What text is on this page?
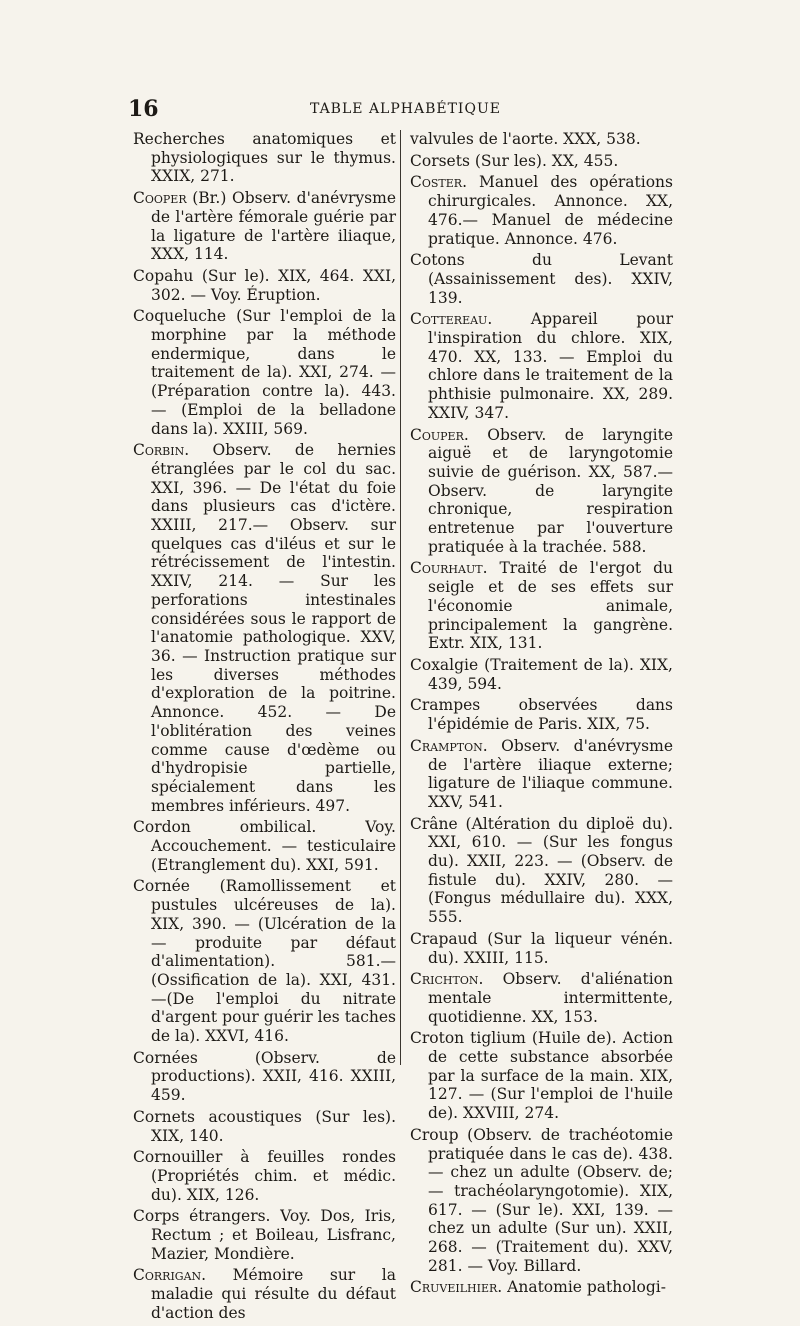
16	TABLE ALPHABÉTIQUE

Recherches anatomiques et physiologiques sur le thymus. XXIX, 271.

Cooper (Br.) Observ. d'anévrysme de l'artère fémorale guérie par la ligature de l'artère iliaque, XXX, 114.

Copahu (Sur le). XIX, 464. XXI, 302. — Voy. Éruption.

Coqueluche (Sur l'emploi de la morphine par la méthode endermique, dans le traitement de la). XXI, 274. — (Préparation contre la). 443. — (Emploi de la belladone dans la). XXIII, 569.

Corbin. Observ. de hernies étranglées par le col du sac. XXI, 396. — De l'état du foie dans plusieurs cas d'ictère. XXIII, 217.— Observ. sur quelques cas d'iléus et sur le rétrécissement de l'intestin. XXIV, 214. — Sur les perforations intestinales considérées sous le rapport de l'anatomie pathologique. XXV, 36. — Instruction pratique sur les diverses méthodes d'exploration de la poitrine. Annonce. 452. — De l'oblitération des veines comme cause d'œdème ou d'hydropisie partielle, spécialement dans les membres inférieurs. 497.

Cordon ombilical. Voy. Accouchement. — testiculaire (Etranglement du). XXI, 591.

Cornée (Ramollissement et pustules ulcéreuses de la). XIX, 390. — (Ulcération de la — produite par défaut d'alimentation). 581.—(Ossification de la). XXI, 431.—(De l'emploi du nitrate d'argent pour guérir les taches de la). XXVI, 416.

Cornées (Observ. de productions). XXII, 416. XXIII, 459.

Cornets acoustiques (Sur les). XIX, 140.

Cornouiller à feuilles rondes (Propriétés chim. et médic. du). XIX, 126.

Corps étrangers. Voy. Dos, Iris, Rectum ; et Boileau, Lisfranc, Mazier, Mondière.

Corrigan. Mémoire sur la maladie qui résulte du défaut d'action des

valvules de l'aorte. XXX, 538.

Corsets (Sur les). XX, 455.

Coster. Manuel des opérations chirurgicales. Annonce. XX, 476.— Manuel de médecine pratique. Annonce. 476.

Cotons du Levant (Assainissement des). XXIV, 139.

Cottereau. Appareil pour l'inspiration du chlore. XIX, 470. XX, 133. — Emploi du chlore dans le traitement de la phthisie pulmonaire. XX, 289. XXIV, 347.

Couper. Observ. de laryngite aiguë et de laryngotomie suivie de guérison. XX, 587.— Observ. de laryngite chronique, respiration entretenue par l'ouverture pratiquée à la trachée. 588.

Courhaut. Traité de l'ergot du seigle et de ses effets sur l'économie animale, principalement la gangrène. Extr. XIX, 131.

Coxalgie (Traitement de la). XIX, 439, 594.

Crampes observées dans l'épidémie de Paris. XIX, 75.

Crampton. Observ. d'anévrysme de l'artère iliaque externe; ligature de l'iliaque commune. XXV, 541.

Crâne (Altération du diploë du). XXI, 610. — (Sur les fongus du). XXII, 223. — (Observ. de fistule du). XXIV, 280. — (Fongus médullaire du). XXX, 555.

Crapaud (Sur la liqueur vénén. du). XXIII, 115.

Crichton. Observ. d'aliénation mentale intermittente, quotidienne. XX, 153.

Croton tiglium (Huile de). Action de cette substance absorbée par la surface de la main. XIX, 127. — (Sur l'emploi de l'huile de). XXVIII, 274.

Croup (Observ. de trachéotomie pratiquée dans le cas de). 438.— chez un adulte (Observ. de;— trachéolaryngotomie). XIX, 617. — (Sur le). XXI, 139. — chez un adulte (Sur un). XXII, 268. — (Traitement du). XXV, 281. — Voy. Billard.

Cruveilhier. Anatomie pathologi-
